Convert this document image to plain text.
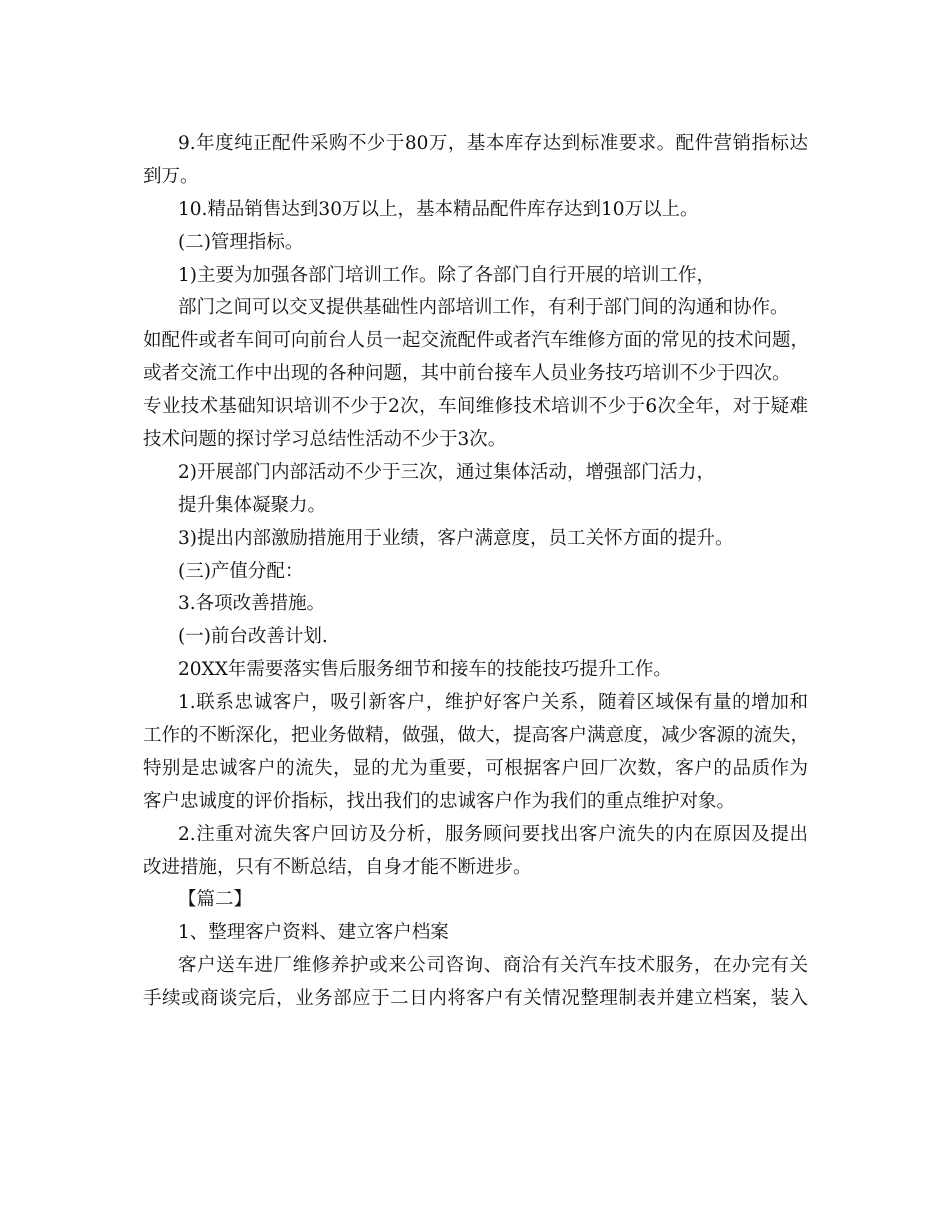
9.年度纯正配件采购不少于80万，基本库存达到标准要求。配件营销指标达
到万。
10.精品销售达到30万以上，基本精品配件库存达到10万以上。
(二)管理指标。
1)主要为加强各部门培训工作。除了各部门自行开展的培训工作，
部门之间可以交叉提供基础性内部培训工作，有利于部门间的沟通和协作。
如配件或者车间可向前台人员一起交流配件或者汽车维修方面的常见的技术问题，
或者交流工作中出现的各种问题，其中前台接车人员业务技巧培训不少于四次。
专业技术基础知识培训不少于2次，车间维修技术培训不少于6次全年，对于疑难
技术问题的探讨学习总结性活动不少于3次。
2)开展部门内部活动不少于三次，通过集体活动，增强部门活力，
提升集体凝聚力。
3)提出内部激励措施用于业绩，客户满意度，员工关怀方面的提升。
(三)产值分配：
3.各项改善措施。
(一)前台改善计划.
20XX年需要落实售后服务细节和接车的技能技巧提升工作。
1.联系忠诚客户，吸引新客户，维护好客户关系，随着区域保有量的增加和
工作的不断深化，把业务做精，做强，做大，提高客户满意度，减少客源的流失，
特别是忠诚客户的流失，显的尤为重要，可根据客户回厂次数，客户的品质作为
客户忠诚度的评价指标，找出我们的忠诚客户作为我们的重点维护对象。
2.注重对流失客户回访及分析，服务顾问要找出客户流失的内在原因及提出
改进措施，只有不断总结，自身才能不断进步。
【篇二】
1、整理客户资料、建立客户档案
客户送车进厂维修养护或来公司咨询、商洽有关汽车技术服务，在办完有关
手续或商谈完后，业务部应于二日内将客户有关情况整理制表并建立档案，装入
